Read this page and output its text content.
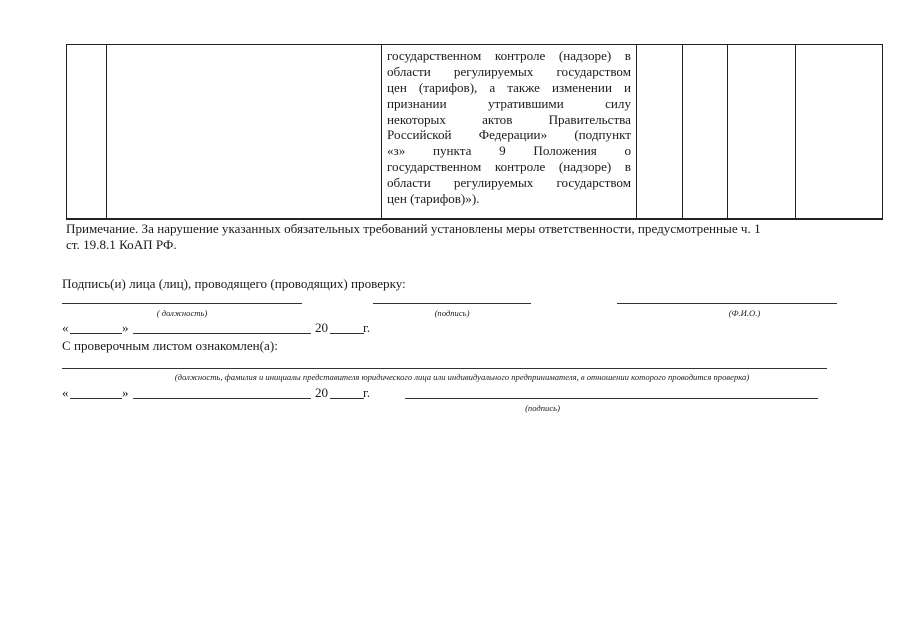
государственном контроле (надзоре) в
области регулируемых государством
цен (тарифов), а также изменении и
признании утратившими силу
некоторых актов Правительства
Российской Федерации» (подпункт
«з» пункта 9 Положения о
государственном контроле (надзоре) в
области регулируемых государством
цен (тарифов)»).

Примечание. За нарушение указанных обязательных требований установлены меры ответственности, предусмотренные ч. 1
ст. 19.8.1 КоАП РФ.
Подпись(и) лица (лиц), проводящего (проводящих) проверку:
( должность)	(подпись)	(Ф.И.О.)
«	»	20	г.
С проверочным листом ознакомлен(а):
(должность, фамилия и инициалы представителя юридического лица или индивидуального предпринимателя, в отношении которого проводится проверка)
«	»	20	г.
(подпись)
